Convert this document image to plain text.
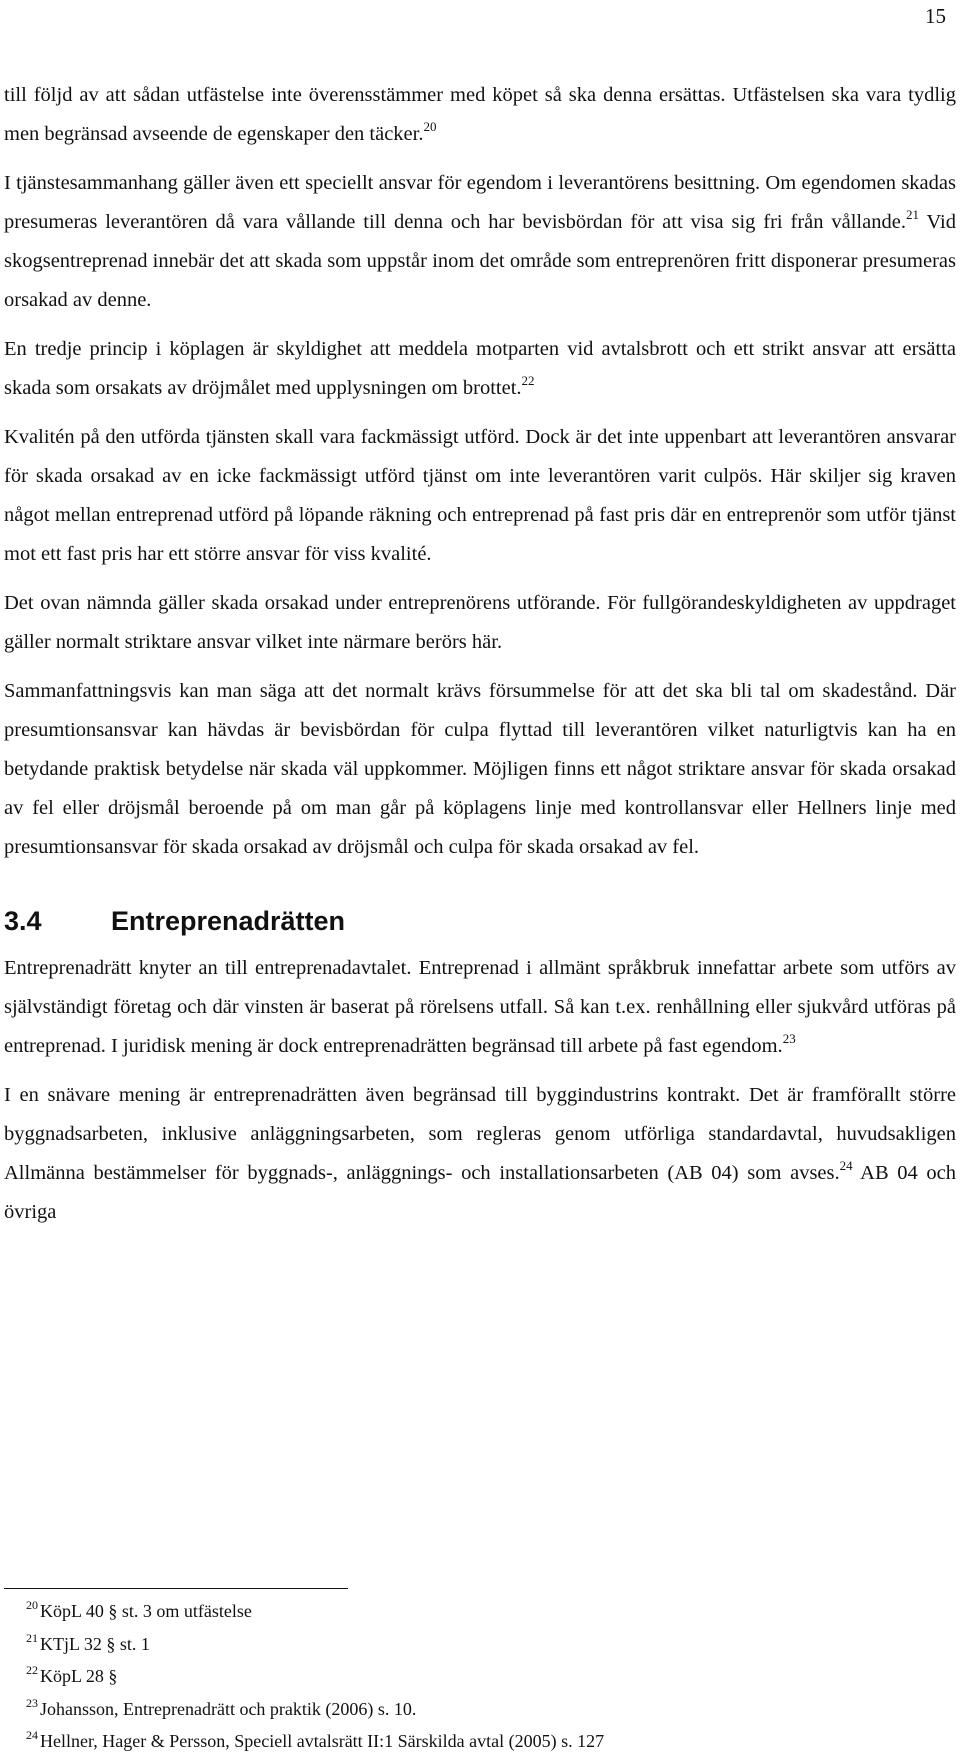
15

till följd av att sådan utfästelse inte överensstämmer med köpet så ska denna ersättas. Utfästelsen ska vara tydlig men begränsad avseende de egenskaper den täcker.$^{20}$

I tjänstesammanhang gäller även ett speciellt ansvar för egendom i leverantörens besittning. Om egendomen skadas presumeras leverantören då vara vållande till denna och har bevisbördan för att visa sig fri från vållande.$^{21}$ Vid skogsentreprenad innebär det att skada som uppstår inom det område som entreprenören fritt disponerar presumeras orsakad av denne.

En tredje princip i köplagen är skyldighet att meddela motparten vid avtalsbrott och ett strikt ansvar att ersätta skada som orsakats av dröjmålet med upplysningen om brottet.$^{22}$

Kvalitén på den utförda tjänsten skall vara fackmässigt utförd. Dock är det inte uppenbart att leverantören ansvarar för skada orsakad av en icke fackmässigt utförd tjänst om inte leverantören varit culpös. Här skiljer sig kraven något mellan entreprenad utförd på löpande räkning och entreprenad på fast pris där en entreprenör som utför tjänst mot ett fast pris har ett större ansvar för viss kvalité.

Det ovan nämnda gäller skada orsakad under entreprenörens utförande. För fullgörandeskyldigheten av uppdraget gäller normalt striktare ansvar vilket inte närmare berörs här.

Sammanfattningsvis kan man säga att det normalt krävs försummelse för att det ska bli tal om skadestånd. Där presumtionsansvar kan hävdas är bevisbördan för culpa flyttad till leverantören vilket naturligtvis kan ha en betydande praktisk betydelse när skada väl uppkommer. Möjligen finns ett något striktare ansvar för skada orsakad av fel eller dröjsmål beroende på om man går på köplagens linje med kontrollansvar eller Hellners linje med presumtionsansvar för skada orsakad av dröjsmål och culpa för skada orsakad av fel.

3.4	Entreprenadrätten

Entreprenadrätt knyter an till entreprenadavtalet. Entreprenad i allmänt språkbruk innefattar arbete som utförs av självständigt företag och där vinsten är baserat på rörelsens utfall. Så kan t.ex. renhållning eller sjukvård utföras på entreprenad. I juridisk mening är dock entreprenadrätten begränsad till arbete på fast egendom.$^{23}$

I en snävare mening är entreprenadrätten även begränsad till byggindustrins kontrakt. Det är framförallt större byggnadsarbeten, inklusive anläggningsarbeten, som regleras genom utförliga standardavtal, huvudsakligen Allmänna bestämmelser för byggnads-, anläggnings- och installationsarbeten (AB 04) som avses.$^{24}$ AB 04 och övriga

$^{20}$ KöpL 40 § st. 3 om utfästelse
$^{21}$ KTjL 32 § st. 1
$^{22}$ KöpL 28 §
$^{23}$ Johansson, Entreprenadrätt och praktik (2006) s. 10.
$^{24}$ Hellner, Hager & Persson, Speciell avtalsrätt II:1 Särskilda avtal (2005) s. 127
